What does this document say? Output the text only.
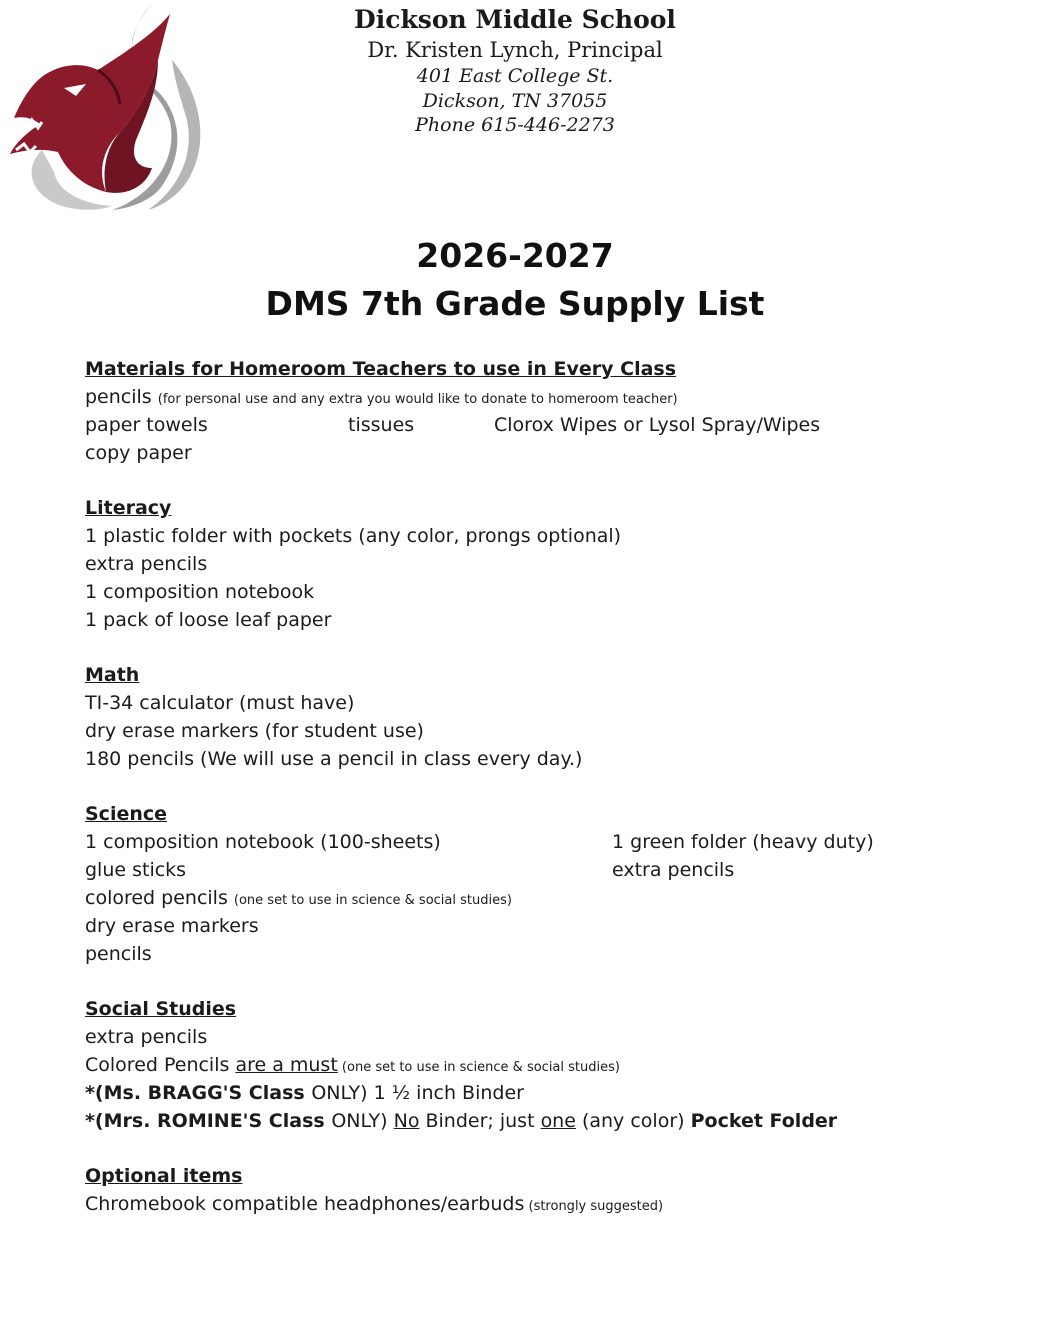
Dickson Middle School
Dr. Kristen Lynch, Principal
401 East College St.
Dickson, TN 37055
Phone 615-446-2273
2026-2027
DMS 7th Grade Supply List
Materials for Homeroom Teachers to use in Every Class
pencils (for personal use and any extra you would like to donate to homeroom teacher)
paper towels	tissues	Clorox Wipes or Lysol Spray/Wipes
copy paper
Literacy
1 plastic folder with pockets (any color, prongs optional)
extra pencils
1 composition notebook
1 pack of loose leaf paper
Math
TI-34 calculator (must have)
dry erase markers (for student use)
180 pencils (We will use a pencil in class every day.)
Science
1 composition notebook (100-sheets)	1 green folder (heavy duty)
glue sticks	extra pencils
colored pencils (one set to use in science & social studies)
dry erase markers
pencils
Social Studies
extra pencils
Colored Pencils are a must (one set to use in science & social studies)
*(Ms. BRAGG'S Class ONLY) 1 ½ inch Binder
*(Mrs. ROMINE'S Class ONLY) No Binder; just one (any color) Pocket Folder
Optional items
Chromebook compatible headphones/earbuds (strongly suggested)
